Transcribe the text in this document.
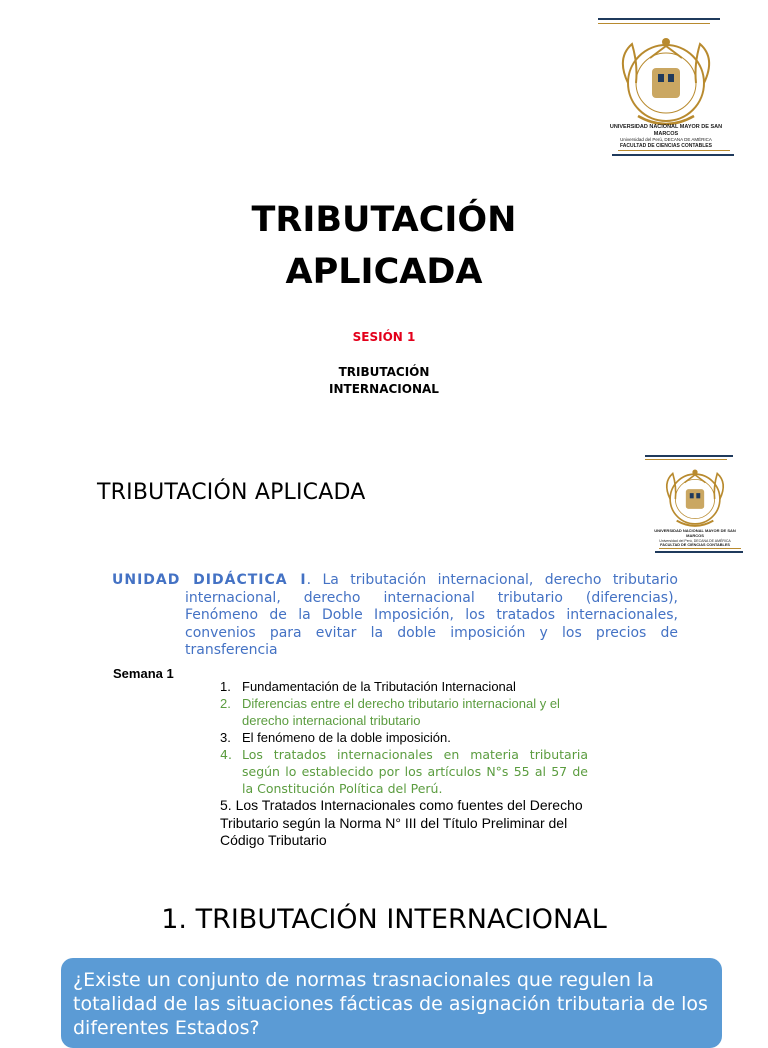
UNIVERSIDAD NACIONAL MAYOR DE SAN MARCOS
Universidad del Perú, DECANA DE AMÉRICA
FACULTAD DE CIENCIAS CONTABLES
TRIBUTACIÓN
APLICADA
SESIÓN 1
TRIBUTACIÓN
INTERNACIONAL
UNIVERSIDAD NACIONAL MAYOR DE SAN MARCOS
Universidad del Perú, DECANA DE AMÉRICA
FACULTAD DE CIENCIAS CONTABLES
TRIBUTACIÓN APLICADA
UNIDAD DIDÁCTICA I. La tributación internacional, derecho tributario
internacional, derecho internacional tributario (diferencias), Fenómeno de la Doble Imposición, los tratados internacionales, convenios para evitar la doble imposición y los precios de transferencia
Semana 1
1. Fundamentación de la Tributación Internacional
2. Diferencias entre el derecho tributario internacional y el derecho internacional tributario
3. El fenómeno de la doble imposición.
4. Los tratados internacionales en materia tributaria según lo establecido por los artículos N°s 55 al 57 de la Constitución Política del Perú.
5. Los Tratados Internacionales como fuentes del Derecho Tributario según la Norma N° III del Título Preliminar del Código Tributario
1. TRIBUTACIÓN INTERNACIONAL
¿Existe un conjunto de normas trasnacionales que regulen la totalidad de las situaciones fácticas de asignación tributaria de los diferentes Estados?
